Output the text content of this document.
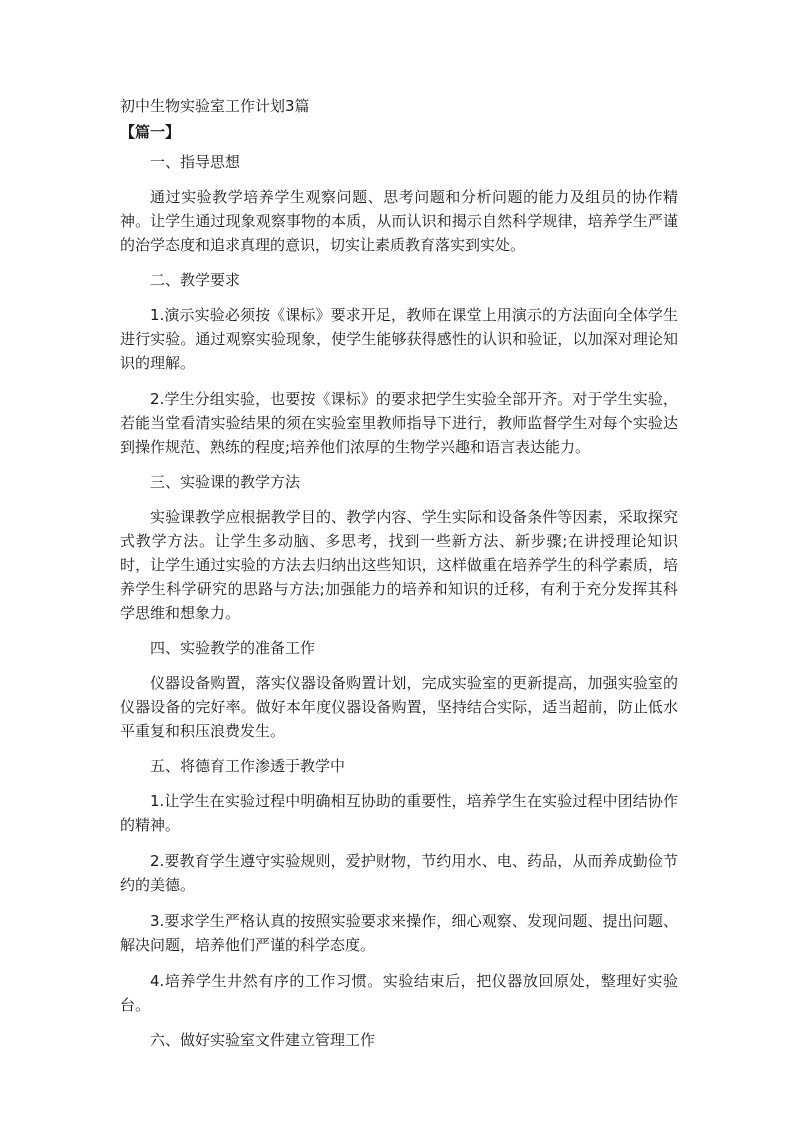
初中生物实验室工作计划3篇
【篇一】
一、指导思想

通过实验教学培养学生观察问题、思考问题和分析问题的能力及组员的协作精神。让学生通过现象观察事物的本质，从而认识和揭示自然科学规律，培养学生严谨的治学态度和追求真理的意识，切实让素质教育落实到实处。

二、教学要求

1.演示实验必须按《课标》要求开足，教师在课堂上用演示的方法面向全体学生进行实验。通过观察实验现象，使学生能够获得感性的认识和验证，以加深对理论知识的理解。

2.学生分组实验，也要按《课标》的要求把学生实验全部开齐。对于学生实验，若能当堂看清实验结果的须在实验室里教师指导下进行，教师监督学生对每个实验达到操作规范、熟练的程度;培养他们浓厚的生物学兴趣和语言表达能力。

三、实验课的教学方法

实验课教学应根据教学目的、教学内容、学生实际和设备条件等因素，采取探究式教学方法。让学生多动脑、多思考，找到一些新方法、新步骤;在讲授理论知识时，让学生通过实验的方法去归纳出这些知识，这样做重在培养学生的科学素质，培养学生科学研究的思路与方法;加强能力的培养和知识的迁移，有利于充分发挥其科学思维和想象力。

四、实验教学的准备工作

仪器设备购置，落实仪器设备购置计划，完成实验室的更新提高，加强实验室的仪器设备的完好率。做好本年度仪器设备购置，坚持结合实际，适当超前，防止低水平重复和积压浪费发生。

五、将德育工作渗透于教学中

1.让学生在实验过程中明确相互协助的重要性，培养学生在实验过程中团结协作的精神。

2.要教育学生遵守实验规则，爱护财物，节约用水、电、药品，从而养成勤俭节约的美德。

3.要求学生严格认真的按照实验要求来操作，细心观察、发现问题、提出问题、解决问题，培养他们严谨的科学态度。

4.培养学生井然有序的工作习惯。实验结束后，把仪器放回原处，整理好实验台。

六、做好实验室文件建立管理工作
